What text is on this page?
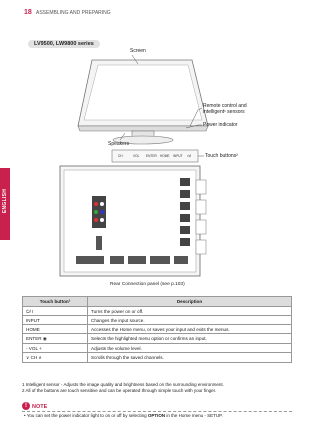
ENGLISH
18 ASSEMBLING AND PREPARING
LV9500, LW9800 series
CH	VOL ENTER HOME INPUT ⏻/I
Screen
Remote control and
intelligent¹ sensors
Power indicator
Speakers
Touch buttons²
Rear Connection panel (see p.103)
Touch button²	Description
⏻/ I	Turns the power on or off.
INPUT	Changes the input source.
HOME	Accesses the Home menu, or saves your input and exits the menus.
ENTER ◉	Selects the highlighted menu option or confirms an input.
- VOL +	Adjusts the volume level.
∨ CH ∧	Scrolls through the saved channels.
1 Intelligent sensor - Adjusts the image quality and brightness based on the surrounding environment.
2 All of the buttons are touch sensitive and can be operated through simple touch with your finger.
! NOTE
• You can set the power indicator light to on or off by selecting OPTION in the Home menu - SETUP.
